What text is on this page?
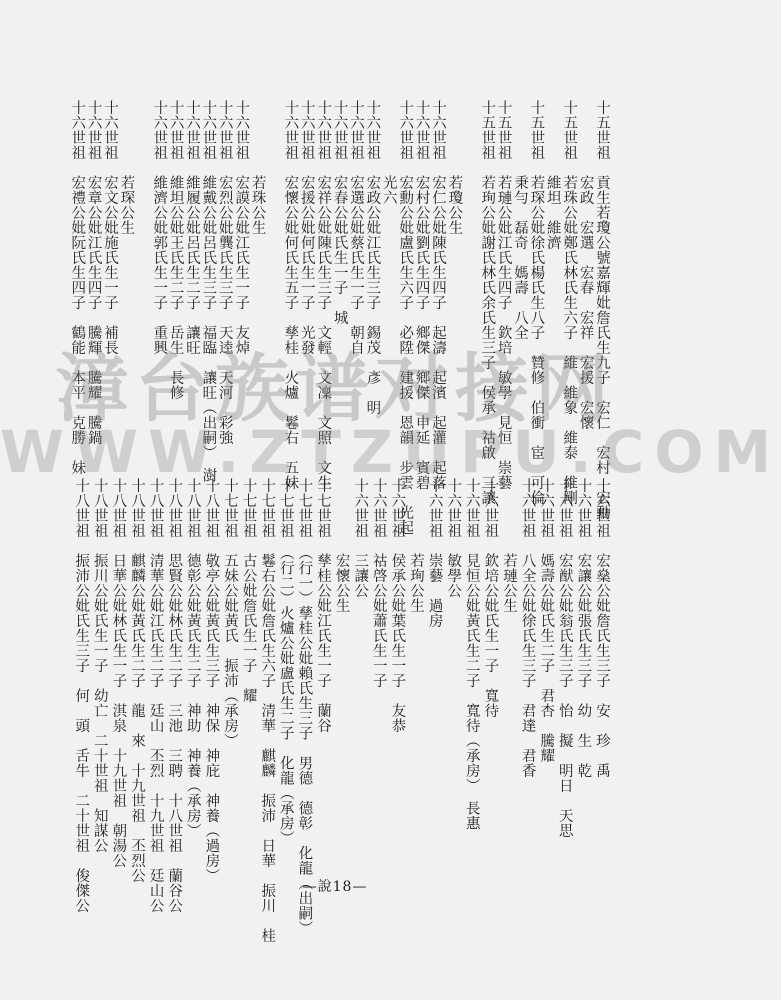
十五世祖　貢生若瓊公號嘉輝妣詹氏生九子　宏仁　宏村　宏勳
　　　　　宏政　宏選　宏春　宏祥　宏援　宏懷
十五世祖　若珠公妣鄭氏林氏生六子　維　維象　維泰　維剛
　　　　　維坦　維濟
十五世祖　若琛公妣徐氏楊氏生八子　贊修　伯衝　宦　可倫
　　　　　秉勻　磊奇　媽壽　八全
十五世祖　若璉公妣江氏生四子　欽培　敏學　見恒　崇藝
十五世祖　若珣公妣謝氏林氏余氏生三子　侯承　祜啟　三讓
　　　　　若瓊公生
十六世祖　宏仁公妣陳氏生四子　起濤　起濱　起灌　起落
十六世祖　宏村公妣劉氏生四子　鄉傑　鄉傑　申延　賓碧
十六世祖　宏勳公妣盧氏生六子　必陞　建援　恩韻　步雲　光起
　　　　　光六
十六世祖　宏政公妣江氏生三子　錫茂　彥　明
十六世祖　宏選公妣蔡氏生一子　朝自
十六世祖　宏春公妣氏生一子　城
十六世祖　宏祥公妣陳氏生三子　文輕　文凜　文照　文生
十六世祖　宏援公妣何氏生一子　光發
十六世祖　宏懷公妣何氏生五子　孳桂　火爐　鬈右　五妹
　　　　　若珠公生
十六世祖　宏謨公妣江氏生一子　友焯
十六世祖　宏烈公妣龔氏生三子　天逵　天河　彩強
十六世祖　維戴公妣呂氏生三子　福臨　讓旺（出嗣）　澍
十六世祖　維履公妣呂氏生二子　讓旺
十六世祖　維坦公妣王氏生二子　岳生　長修
十六世祖　維濟公妣郭氏生一子　重興
　　　　　若琛公生
十六世祖　宏文公妣施氏生一子　補長
十六世祖　宏章公妣江氏生四子　騰輝　騰耀　騰鍋
十六世祖　宏禮公妣阮氏生四子　鶴能　本平　克勝　妹
十六世祖　宏燊公妣詹氏生三子　安　珍　禹
十六世祖　宏讓公妣張氏生三子　幼　生　乾
十六世祖　宏猷公妣翁氏生三子　怡　擬　明日　天思
十六世祖　媽壽公妣氏生二子　君杏　騰耀
十六世祖　八全公妣徐氏生三子　君達　君香
　　　　　若璉公生
十六世祖　欽培公妣氏生一子　寬待
十六世祖　見恒公妣黃氏生二子　寬待（承房）　長惠
十六世祖　敏學公
十六世祖　崇藝　過房
　　　　　若珣公生
十六世祖　侯承公妣葉氏生一子　友恭
十六世祖　祜啓公妣蕭氏生一子
十六世祖　三讓公
　　　　　宏懷公生
十七世祖　孳桂公妣江氏生一子　蘭谷
十七世祖　（行一）孳桂公妣賴氏生三子　男德　德彰　化龍（出嗣）
十七世祖　（行二）火爐公妣盧氏生二子　化龍（承房）
十七世祖　鬈右公妣詹氏生六子　清華　麒麟　振沛　日華　振川　桂
十七世祖　古公妣詹氏生一子　耀
十七世祖　五妹公妣黃氏　振沛（承房）
十八世祖　敬亭公妣黃氏生三子　神保　神庇　神養（過房）
十八世祖　德彰公妣黃氏生二子　神助　神養（承房）
十八世祖　思賢公妣林氏生二子　三池　三聘　十八世祖　蘭谷公
十八世祖　清華公妣江氏生二子　廷山　丕烈　十九世祖　廷山公
十八世祖　麒麟公妣黃氏生二子　龍　來　十九世祖　丕烈公
十八世祖　日華公妣林氏生一子　淇泉　十九世祖　朝湯公
十八世祖　振川公妣氏生一子　幼亡　二十世祖　知謀公
十八世祖　振沛公妣氏生三子　何　頭　舌牛　二十世祖　俊傑公
漳台族谱对接网
WWW.ZTZUPU.COM
—說18—
